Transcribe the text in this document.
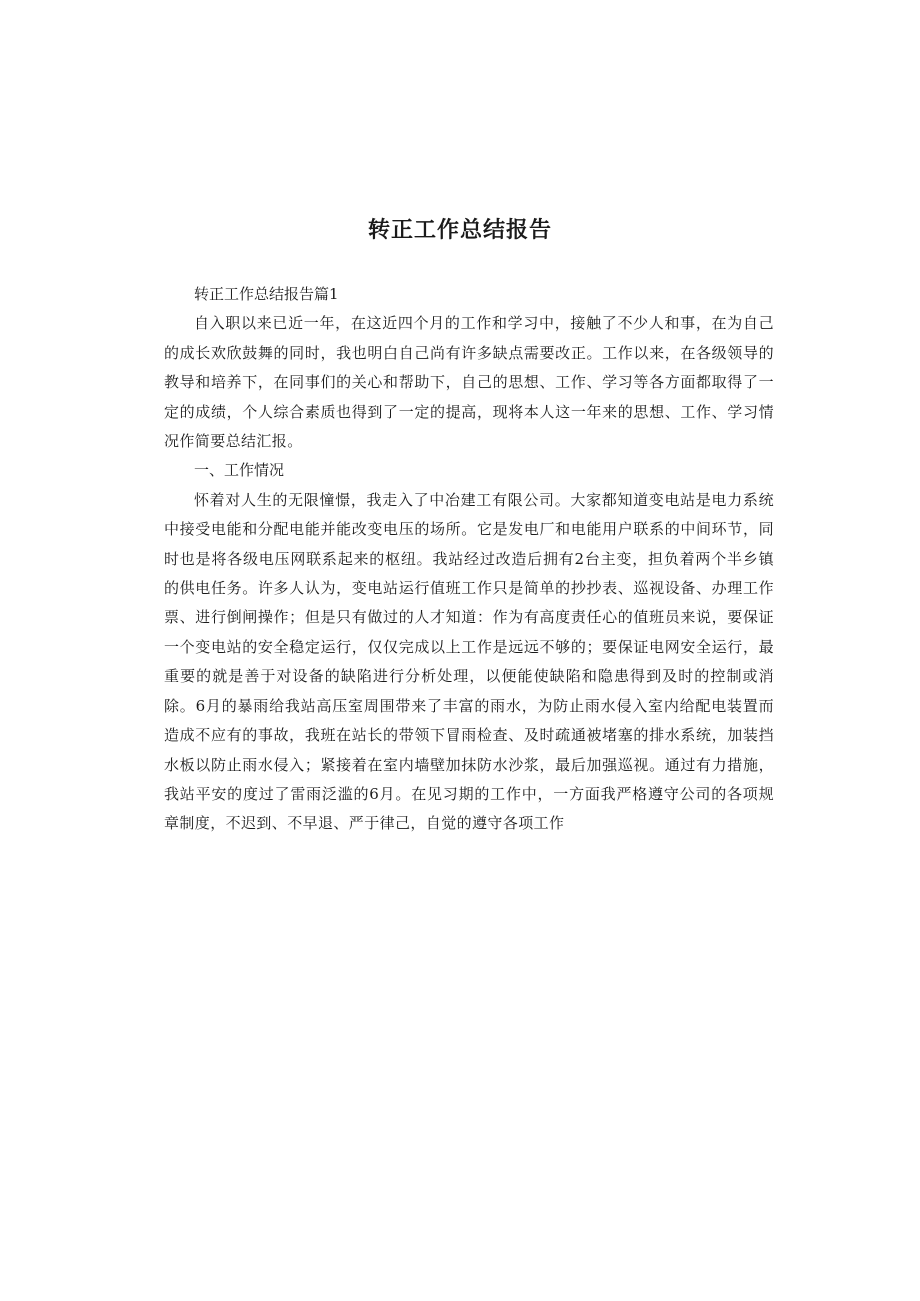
转正工作总结报告

转正工作总结报告篇1

自入职以来已近一年，在这近四个月的工作和学习中，接触了不少人和事，在为自己的成长欢欣鼓舞的同时，我也明白自己尚有许多缺点需要改正。工作以来，在各级领导的教导和培养下，在同事们的关心和帮助下，自己的思想、工作、学习等各方面都取得了一定的成绩，个人综合素质也得到了一定的提高，现将本人这一年来的思想、工作、学习情况作简要总结汇报。

一、工作情况

怀着对人生的无限憧憬，我走入了中冶建工有限公司。大家都知道变电站是电力系统中接受电能和分配电能并能改变电压的场所。它是发电厂和电能用户联系的中间环节，同时也是将各级电压网联系起来的枢纽。我站经过改造后拥有2台主变，担负着两个半乡镇的供电任务。许多人认为，变电站运行值班工作只是简单的抄抄表、巡视设备、办理工作票、进行倒闸操作；但是只有做过的人才知道：作为有高度责任心的值班员来说，要保证一个变电站的安全稳定运行，仅仅完成以上工作是远远不够的；要保证电网安全运行，最重要的就是善于对设备的缺陷进行分析处理，以便能使缺陷和隐患得到及时的控制或消除。6月的暴雨给我站高压室周围带来了丰富的雨水，为防止雨水侵入室内给配电装置而造成不应有的事故，我班在站长的带领下冒雨检查、及时疏通被堵塞的排水系统，加装挡水板以防止雨水侵入；紧接着在室内墙壁加抹防水沙浆，最后加强巡视。通过有力措施，我站平安的度过了雷雨泛滥的6月。在见习期的工作中，一方面我严格遵守公司的各项规章制度，不迟到、不早退、严于律己，自觉的遵守各项工作
